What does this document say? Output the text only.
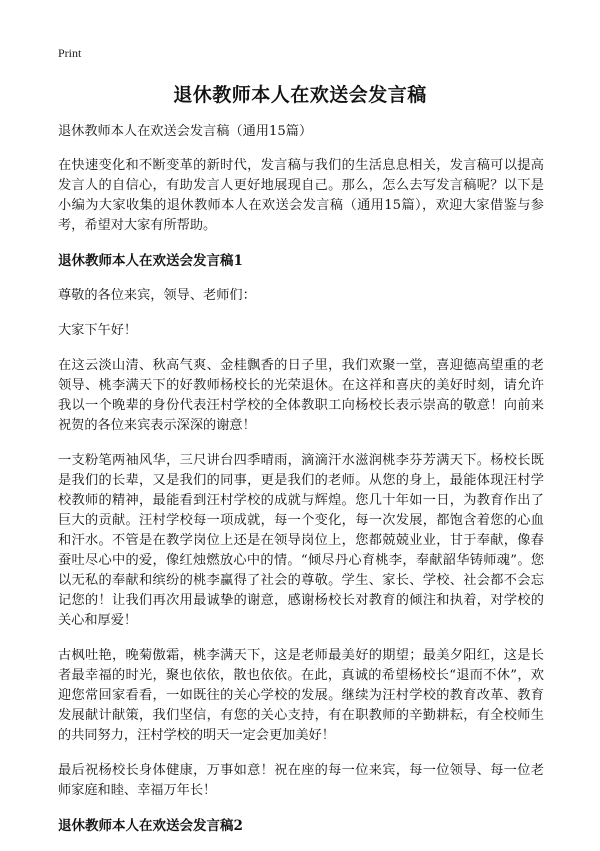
Print
退休教师本人在欢送会发言稿

退休教师本人在欢送会发言稿（通用15篇）

在快速变化和不断变革的新时代，发言稿与我们的生活息息相关，发言稿可以提高发言人的自信心，有助发言人更好地展现自己。那么，怎么去写发言稿呢？以下是小编为大家收集的退休教师本人在欢送会发言稿（通用15篇），欢迎大家借鉴与参考，希望对大家有所帮助。

退休教师本人在欢送会发言稿1

尊敬的各位来宾，领导、老师们：

大家下午好！

在这云淡山清、秋高气爽、金桂飘香的日子里，我们欢聚一堂，喜迎德高望重的老领导、桃李满天下的好教师杨校长的光荣退休。在这祥和喜庆的美好时刻，请允许我以一个晚辈的身份代表汪村学校的全体教职工向杨校长表示崇高的敬意！向前来祝贺的各位来宾表示深深的谢意！

一支粉笔两袖风华，三尺讲台四季晴雨，滴滴汗水滋润桃李芬芳满天下。杨校长既是我们的长辈，又是我们的同事，更是我们的老师。从您的身上，最能体现汪村学校教师的精神，最能看到汪村学校的成就与辉煌。您几十年如一日，为教育作出了巨大的贡献。汪村学校每一项成就，每一个变化，每一次发展，都饱含着您的心血和汗水。不管是在教学岗位上还是在领导岗位上，您都兢兢业业，甘于奉献，像春蚕吐尽心中的爱，像红烛燃放心中的情。“倾尽丹心育桃李，奉献韶华铸师魂”。您以无私的奉献和缤纷的桃李赢得了社会的尊敬。学生、家长、学校、社会都不会忘记您的！让我们再次用最诚挚的谢意，感谢杨校长对教育的倾注和执着，对学校的关心和厚爱！

古枫吐艳，晚菊傲霜，桃李满天下，这是老师最美好的期望；最美夕阳红，这是长者最幸福的时光，聚也依依，散也依依。在此，真诚的希望杨校长“退而不休”，欢迎您常回家看看，一如既往的关心学校的发展。继续为汪村学校的教育改革、教育发展献计献策，我们坚信，有您的关心支持，有在职教师的辛勤耕耘，有全校师生的共同努力，汪村学校的明天一定会更加美好！

最后祝杨校长身体健康，万事如意！祝在座的每一位来宾，每一位领导、每一位老师家庭和睦、幸福万年长！

退休教师本人在欢送会发言稿2
